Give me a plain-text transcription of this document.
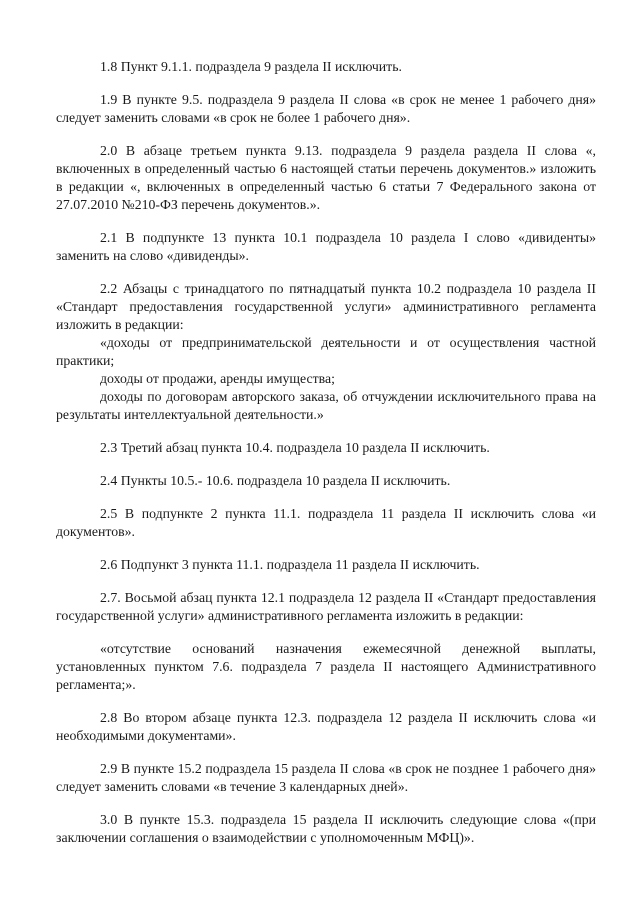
1.8 Пункт 9.1.1. подраздела 9 раздела II исключить.

1.9 В пункте 9.5. подраздела 9 раздела II слова «в срок не менее 1 рабочего дня» следует заменить словами «в срок не более 1 рабочего дня».

2.0 В абзаце третьем пункта 9.13. подраздела 9 раздела раздела II слова «, включенных в определенный частью 6 настоящей статьи перечень документов.» изложить в редакции «, включенных в определенный частью 6 статьи 7 Федерального закона от 27.07.2010 №210-ФЗ перечень документов.».

2.1 В подпункте 13 пункта 10.1 подраздела 10 раздела I слово «дивиденты» заменить на слово «дивиденды».

2.2 Абзацы с тринадцатого по пятнадцатый пункта 10.2 подраздела 10 раздела II «Стандарт предоставления государственной услуги» административного регламента изложить в редакции:

«доходы от предпринимательской деятельности и от осуществления частной практики;

доходы от продажи, аренды имущества;

доходы по договорам авторского заказа, об отчуждении исключительного права на результаты интеллектуальной деятельности.»

2.3 Третий абзац пункта 10.4. подраздела 10 раздела II исключить.

2.4 Пункты 10.5.- 10.6. подраздела 10 раздела II исключить.

2.5 В подпункте 2 пункта 11.1. подраздела 11 раздела II исключить слова «и документов».

2.6 Подпункт 3 пункта 11.1. подраздела 11 раздела II исключить.

2.7. Восьмой абзац пункта 12.1 подраздела 12 раздела II «Стандарт предоставления государственной услуги» административного регламента изложить в редакции:

«отсутствие оснований назначения ежемесячной денежной выплаты, установленных пунктом 7.6. подраздела 7 раздела II настоящего Административного регламента;».

2.8 Во втором абзаце пункта 12.3. подраздела 12 раздела II исключить слова «и необходимыми документами».

2.9 В пункте 15.2 подраздела 15 раздела II слова «в срок не позднее 1 рабочего дня» следует заменить словами «в течение 3 календарных дней».

3.0 В пункте 15.3. подраздела 15 раздела II исключить следующие слова «(при заключении соглашения о взаимодействии с уполномоченным МФЦ)».
